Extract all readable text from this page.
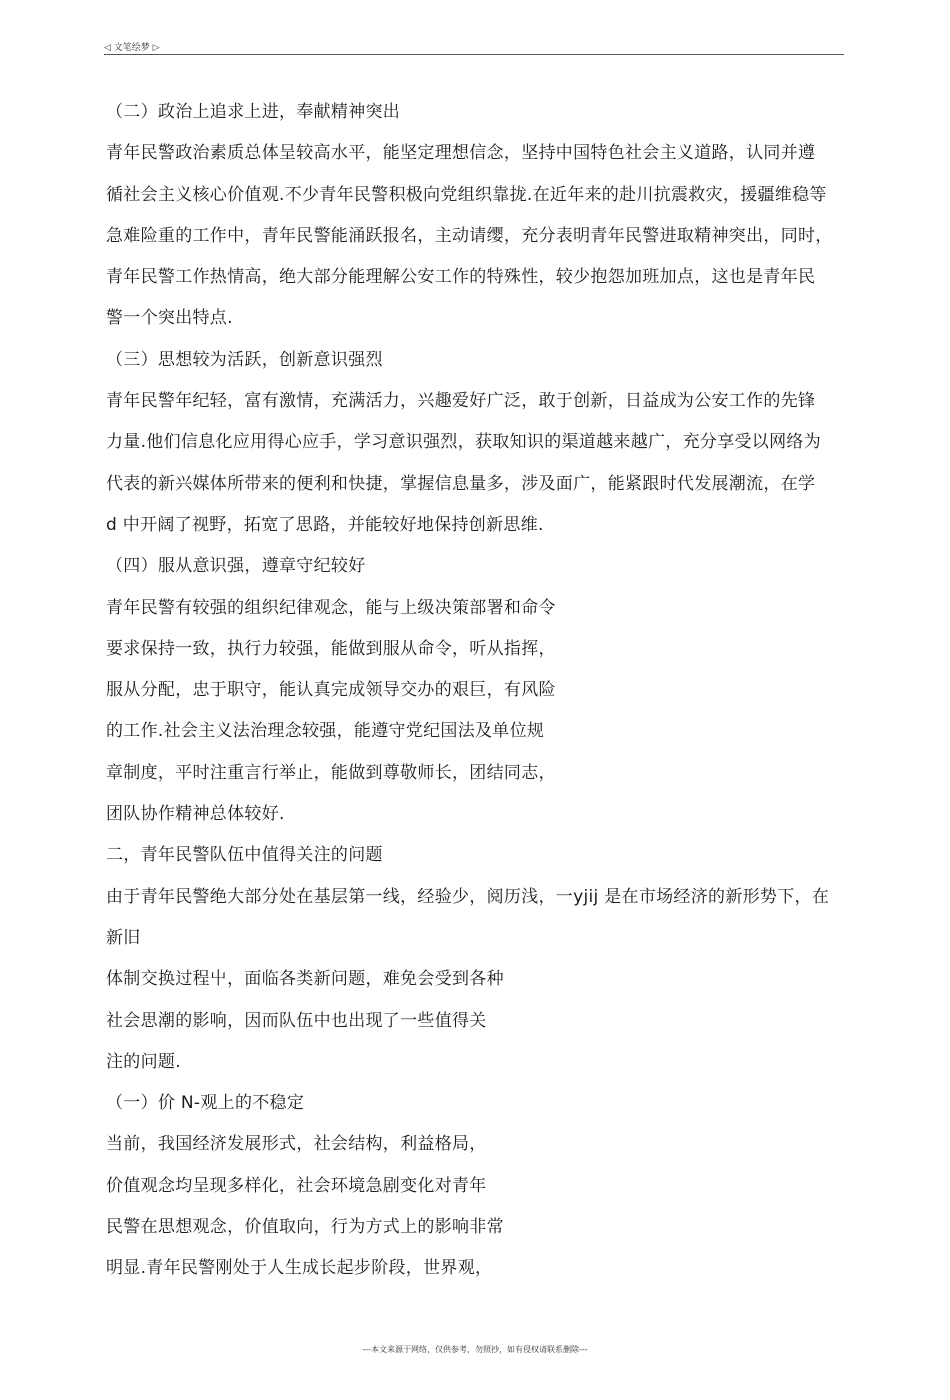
◁ 文笔绘梦 ▷
（二）政治上追求上进，奉献精神突出
青年民警政治素质总体呈较高水平，能坚定理想信念，坚持中国特色社会主义道路，认同并遵
循社会主义核心价值观.不少青年民警积极向党组织靠拢.在近年来的赴川抗震救灾，援疆维稳等
急难险重的工作中，青年民警能涌跃报名，主动请缨，充分表明青年民警进取精神突出，同时，
青年民警工作热情高，绝大部分能理解公安工作的特殊性，较少抱怨加班加点，这也是青年民
警一个突出特点.
（三）思想较为活跃，创新意识强烈
青年民警年纪轻，富有激情，充满活力，兴趣爱好广泛，敢于创新，日益成为公安工作的先锋
力量.他们信息化应用得心应手，学习意识强烈，获取知识的渠道越来越广，充分享受以网络为
代表的新兴媒体所带来的便利和快捷，掌握信息量多，涉及面广，能紧跟时代发展潮流，在学
d 中开阔了视野，拓宽了思路，并能较好地保持创新思维.
（四）服从意识强，遵章守纪较好
青年民警有较强的组织纪律观念，能与上级决策部署和命令
要求保持一致，执行力较强，能做到服从命令，听从指挥，
服从分配，忠于职守，能认真完成领导交办的艰巨，有风险
的工作.社会主义法治理念较强，能遵守党纪国法及单位规
章制度，平时注重言行举止，能做到尊敬师长，团结同志，
团队协作精神总体较好.
二，青年民警队伍中值得关注的问题
由于青年民警绝大部分处在基层第一线，经验少，阅历浅，一yjij 是在市场经济的新形势下，在
新旧
体制交换过程屮，面临各类新问题，难免会受到各种
社会思潮的影响，因而队伍中也出现了一些值得关
注的问题.
（一）价 N-观上的不稳定
当前，我国经济发展形式，社会结构，利益格局，
价值观念均呈现多样化，社会环境急剧变化对青年
民警在思想观念，价值取向，行为方式上的影响非常
明显.青年民警刚处于人生成长起步阶段，世界观，
---本文来源于网络，仅供参考，勿照抄，如有侵权请联系删除---
